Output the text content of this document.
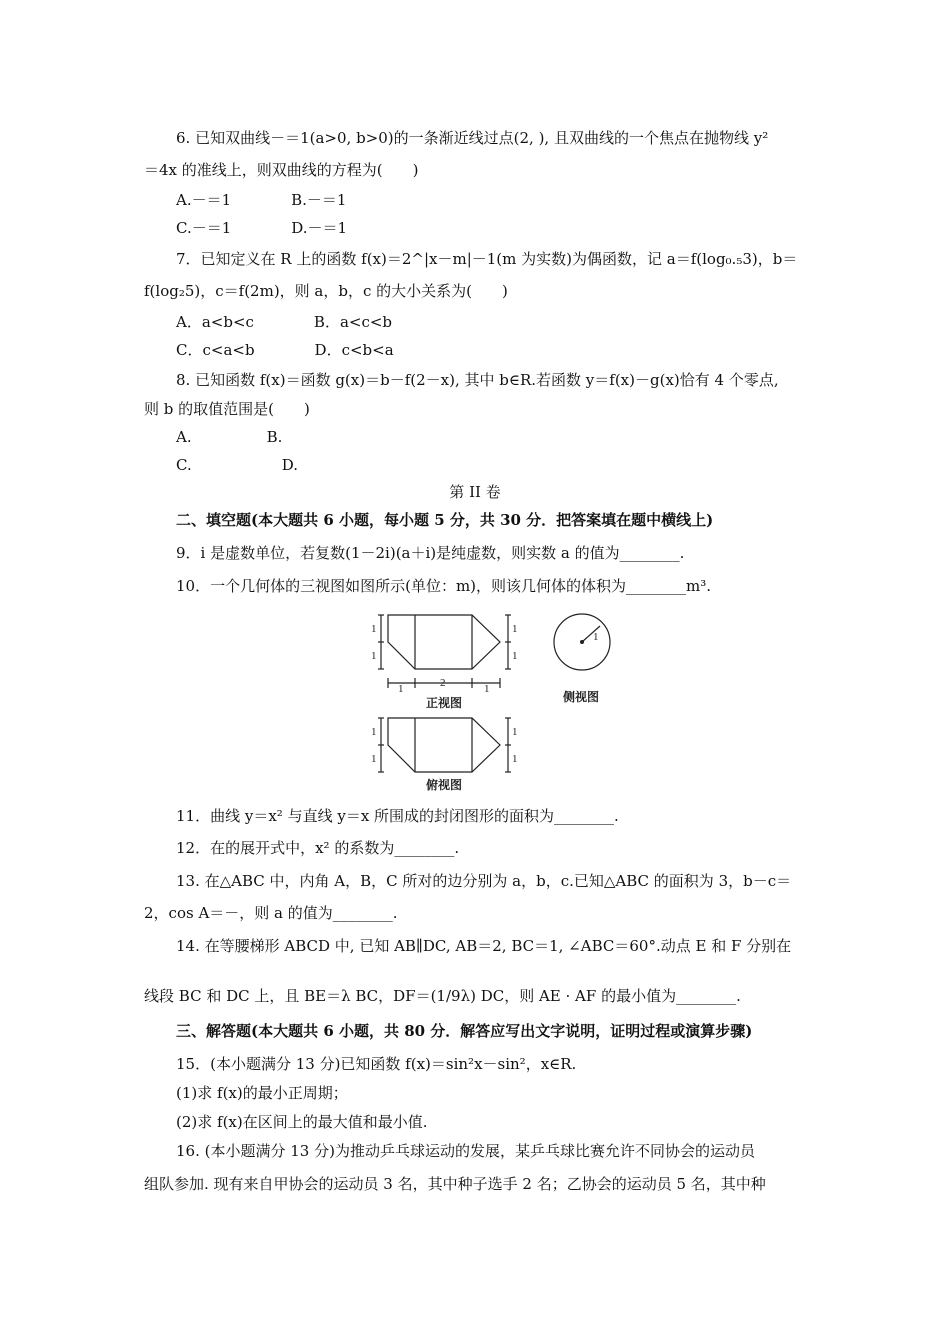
6. 已知双曲线－＝1(a>0, b>0)的一条渐近线过点(2, ), 且双曲线的一个焦点在抛物线 y²
＝4x 的准线上，则双曲线的方程为(　　)
A.－＝1　　　　B.－＝1
C.－＝1　　　　D.－＝1
7．已知定义在 R 上的函数 f(x)＝2^|x－m|－1(m 为实数)为偶函数，记 a＝f(log₀.₅3)，b＝
f(log₂5)，c＝f(2m)，则 a，b，c 的大小关系为(　　)
A．a<b<c　　　　B．a<c<b
C．c<a<b　　　　D．c<b<a
8. 已知函数 f(x)＝函数 g(x)＝b－f(2－x), 其中 b∈R.若函数 y＝f(x)－g(x)恰有 4 个零点,
则 b 的取值范围是(　　)
A.　　　　　B.
C.　　　　　　D.
第 II 卷
二、填空题(本大题共 6 小题，每小题 5 分，共 30 分．把答案填在题中横线上)
9．i 是虚数单位，若复数(1－2i)(a＋i)是纯虚数，则实数 a 的值为________.
10．一个几何体的三视图如图所示(单位：m)，则该几何体的体积为________m³.
1
1
1
1
1	2	1
1
1
1
1
1
正视图	侧视图
俯视图
11．曲线 y＝x² 与直线 y＝x 所围成的封闭图形的面积为________.
12．在的展开式中，x² 的系数为________.
13. 在△ABC 中，内角 A，B，C 所对的边分别为 a，b，c.已知△ABC 的面积为 3，b－c＝
2，cos A＝－，则 a 的值为________.
14. 在等腰梯形 ABCD 中, 已知 AB∥DC, AB＝2, BC＝1, ∠ABC＝60°.动点 E 和 F 分别在
线段 BC 和 DC 上，且 BE＝λ BC，DF＝(1/9λ) DC，则 AE · AF 的最小值为________.
三、解答题(本大题共 6 小题，共 80 分．解答应写出文字说明，证明过程或演算步骤)
15．(本小题满分 13 分)已知函数 f(x)＝sin²x－sin²，x∈R.
(1)求 f(x)的最小正周期；
(2)求 f(x)在区间上的最大值和最小值.
16. (本小题满分 13 分)为推动乒乓球运动的发展，某乒乓球比赛允许不同协会的运动员
组队参加. 现有来自甲协会的运动员 3 名，其中种子选手 2 名；乙协会的运动员 5 名，其中种
